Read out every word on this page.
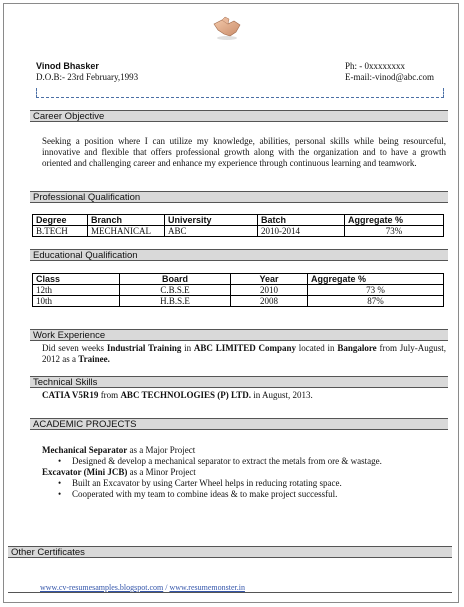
Vinod Bhasker
D.O.B:- 23rd February,1993
Ph: - 0xxxxxxxx
E-mail:-vinod@abc.com
Career Objective
Seeking a position where I can utilize my knowledge, abilities, personal skills while being resourceful, innovative and flexible that offers professional growth along with the organization and to have a growth oriented and challenging career and enhance my experience through continuous learning and teamwork.
Professional Qualification
Degree	Branch	University	Batch	Aggregate %
B.TECH	MECHANICAL	ABC	2010-2014	73%
Educational Qualification
Class	Board	Year	Aggregate %
12th	C.B.S.E	2010	73 %
10th	H.B.S.E	2008	87%
Work Experience
Did seven weeks Industrial Training in ABC LIMITED Company located in Bangalore from July-August, 2012 as a Trainee.
Technical Skills
CATIA V5R19 from ABC TECHNOLOGIES (P) LTD. in August, 2013.
ACADEMIC PROJECTS
Mechanical Separator as a Major Project
• Designed & develop a mechanical separator to extract the metals from ore & wastage.
Excavator (Mini JCB) as a Minor Project
• Built an Excavator by using Carter Wheel helps in reducing rotating space.
• Cooperated with my team to combine ideas & to make project successful.
Other Certificates
www.cv-resumesamples.blogspot.com / www.resumemonster.in
